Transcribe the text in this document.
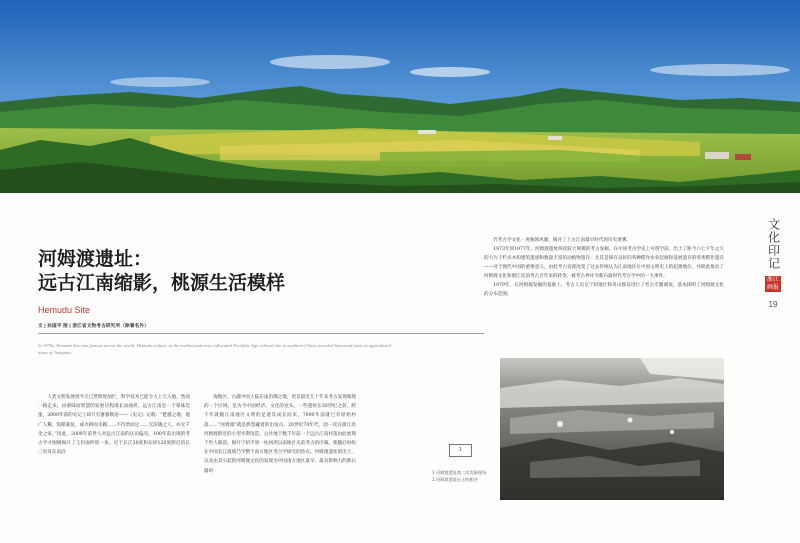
文化印记
浙江 画报
19
河姆渡遗址：
远古江南缩影，桃源生活模样
Hemudu Site
文 | 孙国平 图 | 浙江省文物考古研究所（除署名外）
In 1970s, Hemudu Site was famous across the world. Hemudu culture, as the earliest and most influential Neolithic Age cultural site in southern China, unveiled historical mists in agricultural times of Jiangnan.

人类文明发展到今天已然辉煌灿烂，科学技术已能令人上天入地，然而一路走来，由蒙昧而智慧的发展历程漫长而曲折。远古江南是一个蒙昧荒蛮，2000年前的史记上却只有寥寥数语——《史记》记载：“楚越之地，地广人稀，饭稻羹鱼，或火耕而水耨……不待贾而足……无冻饿之人，亦无千金之家。”因此，2000年前世人对远古江南的认识偏见，100年前出现的考古学才刚刚揭开了尘封面纱的一角。近于长江30度和东经120度附近的长三角及东南沿

海地区，古越中国大陆东南沿濒之地，更是最近几十年来考古发现频现的一个区域，是为今中国经济、文化的龙头。一些遗址在20世纪之前，跨千年就随江南地区文明的足迹其成长而来，7000年前就已有原始村落……“河姆渡”就是典型藏着的出发点。20世纪70年代，团一次在浙江沿河姆渡附近的小型水利改造，公社地下数千年前一个远古江南村落由此展现于世人眼前。揭开宁绍平原一杭州湾以南地区史前考古的序幕。使随后纷纷在中国长江流域乃至整个南方地区考古学研究的热点。河姆渡遗址的出土，以及由其引起的河姆渡文化的发现为中国南方地区最早、最具影响力的新石器时

代考古学文化一度独领风骚，揭开了上古江南最早时代的历史迷雾。

1973年到1977年，河姆渡遗址两次较大规模的考古发掘，在中国考古学史上可谓空前。出土了距今六七千年之久的大片干栏式木构建筑遗迹和数量丰富的动植物遗存，尤其是保存良好的各种稻作农业起源和发展遗存的各类稻作遗存——对于现代中国的重要意义，由此考古发现改变了过去传统认为江南地区在中国文明史上的起源地位，并联此推动了河姆渡文化和浙江史前考古百年来的转变，被考古界评为新石器时代考古学中的一大事件。

1979年，在河姆渡发掘的基础上，考古人员在宁绍地区和舟山群岛进行了考古专题调查，基本探明了河姆渡文化的分布范围。

1
1 河姆渡遗址第二次发掘现场
2 河姆渡遗址出土的稻谷
